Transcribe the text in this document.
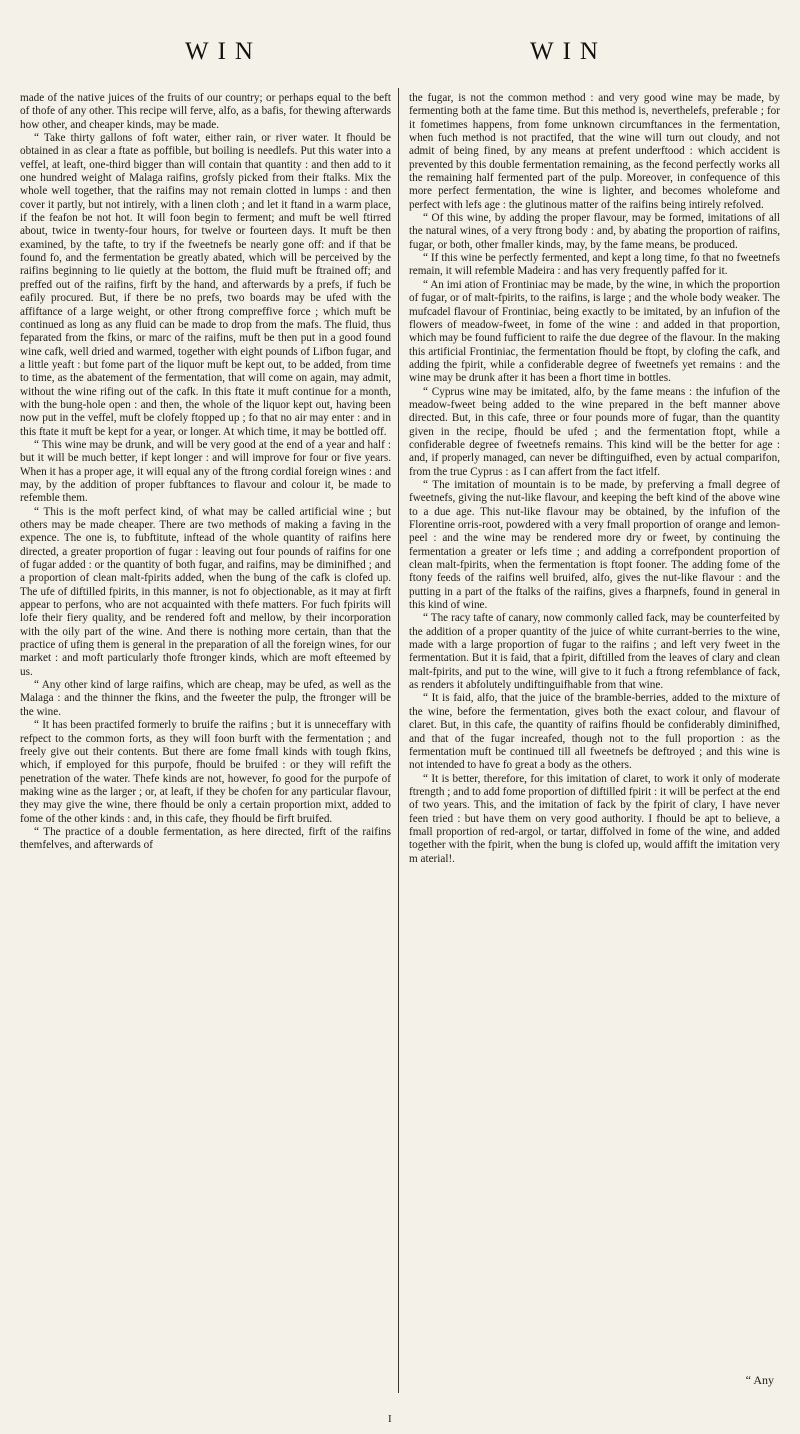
WIN	WIN

made of the native juices of the fruits of our country; or perhaps equal to the beft of thofe of any other. This recipe will ferve, alfo, as a bafis, for thewing afterwards how other, and cheaper kinds, may be made.

“ Take thirty gallons of foft water, either rain, or river water. It fhould be obtained in as clear a ftate as poffible, but boiling is needlefs. Put this water into a veffel, at leaft, one-third bigger than will contain that quantity : and then add to it one hundred weight of Malaga raifins, grofsly picked from their ftalks. Mix the whole well together, that the raifins may not remain clotted in lumps : and then cover it partly, but not intirely, with a linen cloth ; and let it ftand in a warm place, if the feafon be not hot. It will foon begin to ferment; and muft be well ftirred about, twice in twenty-four hours, for twelve or fourteen days. It muft be then examined, by the tafte, to try if the fweetnefs be nearly gone off: and if that be found fo, and the fermentation be greatly abated, which will be perceived by the raifins beginning to lie quietly at the bottom, the fluid muft be ftrained off; and preffed out of the raifins, firft by the hand, and afterwards by a prefs, if fuch be eafily procured. But, if there be no prefs, two boards may be ufed with the affiftance of a large weight, or other ftrong compreffive force ; which muft be continued as long as any fluid can be made to drop from the mafs. The fluid, thus feparated from the fkins, or marc of the raifins, muft be then put in a good found wine cafk, well dried and warmed, together with eight pounds of Lifbon fugar, and a little yeaft : but fome part of the liquor muft be kept out, to be added, from time to time, as the abatement of the fermentation, that will come on again, may admit, without the wine rifing out of the cafk. In this ftate it muft continue for a month, with the bung-hole open : and then, the whole of the liquor kept out, having been now put in the veffel, muft be clofely ftopped up ; fo that no air may enter : and in this ftate it muft be kept for a year, or longer. At which time, it may be bottled off.

“ This wine may be drunk, and will be very good at the end of a year and half : but it will be much better, if kept longer : and will improve for four or five years. When it has a proper age, it will equal any of the ftrong cordial foreign wines : and may, by the addition of proper fubftances to flavour and colour it, be made to refemble them.

“ This is the moft perfect kind, of what may be called artificial wine ; but others may be made cheaper. There are two methods of making a faving in the expence. The one is, to fubftitute, inftead of the whole quantity of raifins here directed, a greater proportion of fugar : leaving out four pounds of raifins for one of fugar added : or the quantity of both fugar, and raifins, may be diminifhed ; and a proportion of clean malt-fpirits added, when the bung of the cafk is clofed up. The ufe of diftilled fpirits, in this manner, is not fo objectionable, as it may at firft appear to perfons, who are not acquainted with thefe matters. For fuch fpirits will lofe their fiery quality, and be rendered foft and mellow, by their incorporation with the oily part of the wine. And there is nothing more certain, than that the practice of ufing them is general in the preparation of all the foreign wines, for our market : and moft particularly thofe ftronger kinds, which are moft efteemed by us.

“ Any other kind of large raifins, which are cheap, may be ufed, as well as the Malaga : and the thinner the fkins, and the fweeter the pulp, the ftronger will be the wine.

“ It has been practifed formerly to bruife the raifins ; but it is unneceffary with refpect to the common forts, as they will foon burft with the fermentation ; and freely give out their contents. But there are fome fmall kinds with tough fkins, which, if employed for this purpofe, fhould be bruifed : or they will refift the penetration of the water. Thefe kinds are not, however, fo good for the purpofe of making wine as the larger ; or, at leaft, if they be chofen for any particular flavour, they may give the wine, there fhould be only a certain proportion mixt, added to fome of the other kinds : and, in this cafe, they fhould be firft bruifed.

“ The practice of a double fermentation, as here directed, firft of the raifins themfelves, and afterwards of

the fugar, is not the common method : and very good wine may be made, by fermenting both at the fame time. But this method is, neverthelefs, preferable ; for it fometimes happens, from fome unknown circumftances in the fermentation, when fuch method is not practifed, that the wine will turn out cloudy, and not admit of being fined, by any means at prefent underftood : which accident is prevented by this double fermentation remaining, as the fecond perfectly works all the remaining half fermented part of the pulp. Moreover, in confequence of this more perfect fermentation, the wine is lighter, and becomes wholefome and perfect with lefs age : the glutinous matter of the raifins being intirely refolved.

“ Of this wine, by adding the proper flavour, may be formed, imitations of all the natural wines, of a very ftrong body : and, by abating the proportion of raifins, fugar, or both, other fmaller kinds, may, by the fame means, be produced.

“ If this wine be perfectly fermented, and kept a long time, fo that no fweetnefs remain, it will refemble Madeira : and has very frequently paffed for it.

“ An imi ation of Frontiniac may be made, by the wine, in which the proportion of fugar, or of malt-fpirits, to the raifins, is large ; and the whole body weaker. The mufcadel flavour of Frontiniac, being exactly to be imitated, by an infufion of the flowers of meadow-fweet, in fome of the wine : and added in that proportion, which may be found fufficient to raife the due degree of the flavour. In the making this artificial Frontiniac, the fermentation fhould be ftopt, by clofing the cafk, and adding the fpirit, while a confiderable degree of fweetnefs yet remains : and the wine may be drunk after it has been a fhort time in bottles.

“ Cyprus wine may be imitated, alfo, by the fame means : the infufion of the meadow-fweet being added to the wine prepared in the beft manner above directed. But, in this cafe, three or four pounds more of fugar, than the quantity given in the recipe, fhould be ufed ; and the fermentation ftopt, while a confiderable degree of fweetnefs remains. This kind will be the better for age : and, if properly managed, can never be diftinguifhed, even by actual comparifon, from the true Cyprus : as I can affert from the fact itfelf.

“ The imitation of mountain is to be made, by preferving a fmall degree of fweetnefs, giving the nut-like flavour, and keeping the beft kind of the above wine to a due age. This nut-like flavour may be obtained, by the infufion of the Florentine orris-root, powdered with a very fmall proportion of orange and lemon-peel : and the wine may be rendered more dry or fweet, by continuing the fermentation a greater or lefs time ; and adding a correfpondent proportion of clean malt-fpirits, when the fermentation is ftopt fooner. The adding fome of the ftony feeds of the raifins well bruifed, alfo, gives the nut-like flavour : and the putting in a part of the ftalks of the raifins, gives a fharpnefs, found in general in this kind of wine.

“ The racy tafte of canary, now commonly called fack, may be counterfeited by the addition of a proper quantity of the juice of white currant-berries to the wine, made with a large proportion of fugar to the raifins ; and left very fweet in the fermentation. But it is faid, that a fpirit, diftilled from the leaves of clary and clean malt-fpirits, and put to the wine, will give to it fuch a ftrong refemblance of fack, as renders it abfolutely undiftinguifhable from that wine.

“ It is faid, alfo, that the juice of the bramble-berries, added to the mixture of the wine, before the fermentation, gives both the exact colour, and flavour of claret. But, in this cafe, the quantity of raifins fhould be confiderably diminifhed, and that of the fugar increafed, though not to the full proportion : as the fermentation muft be continued till all fweetnefs be deftroyed ; and this wine is not intended to have fo great a body as the others.

“ It is better, therefore, for this imitation of claret, to work it only of moderate ftrength ; and to add fome proportion of diftilled fpirit : it will be perfect at the end of two years. This, and the imitation of fack by the fpirit of clary, I have never feen tried : but have them on very good authority. I fhould be apt to believe, a fmall proportion of red-argol, or tartar, diffolved in fome of the wine, and added together with the fpirit, when the bung is clofed up, would affift the imitation very m aterial!.

“ Any
I
